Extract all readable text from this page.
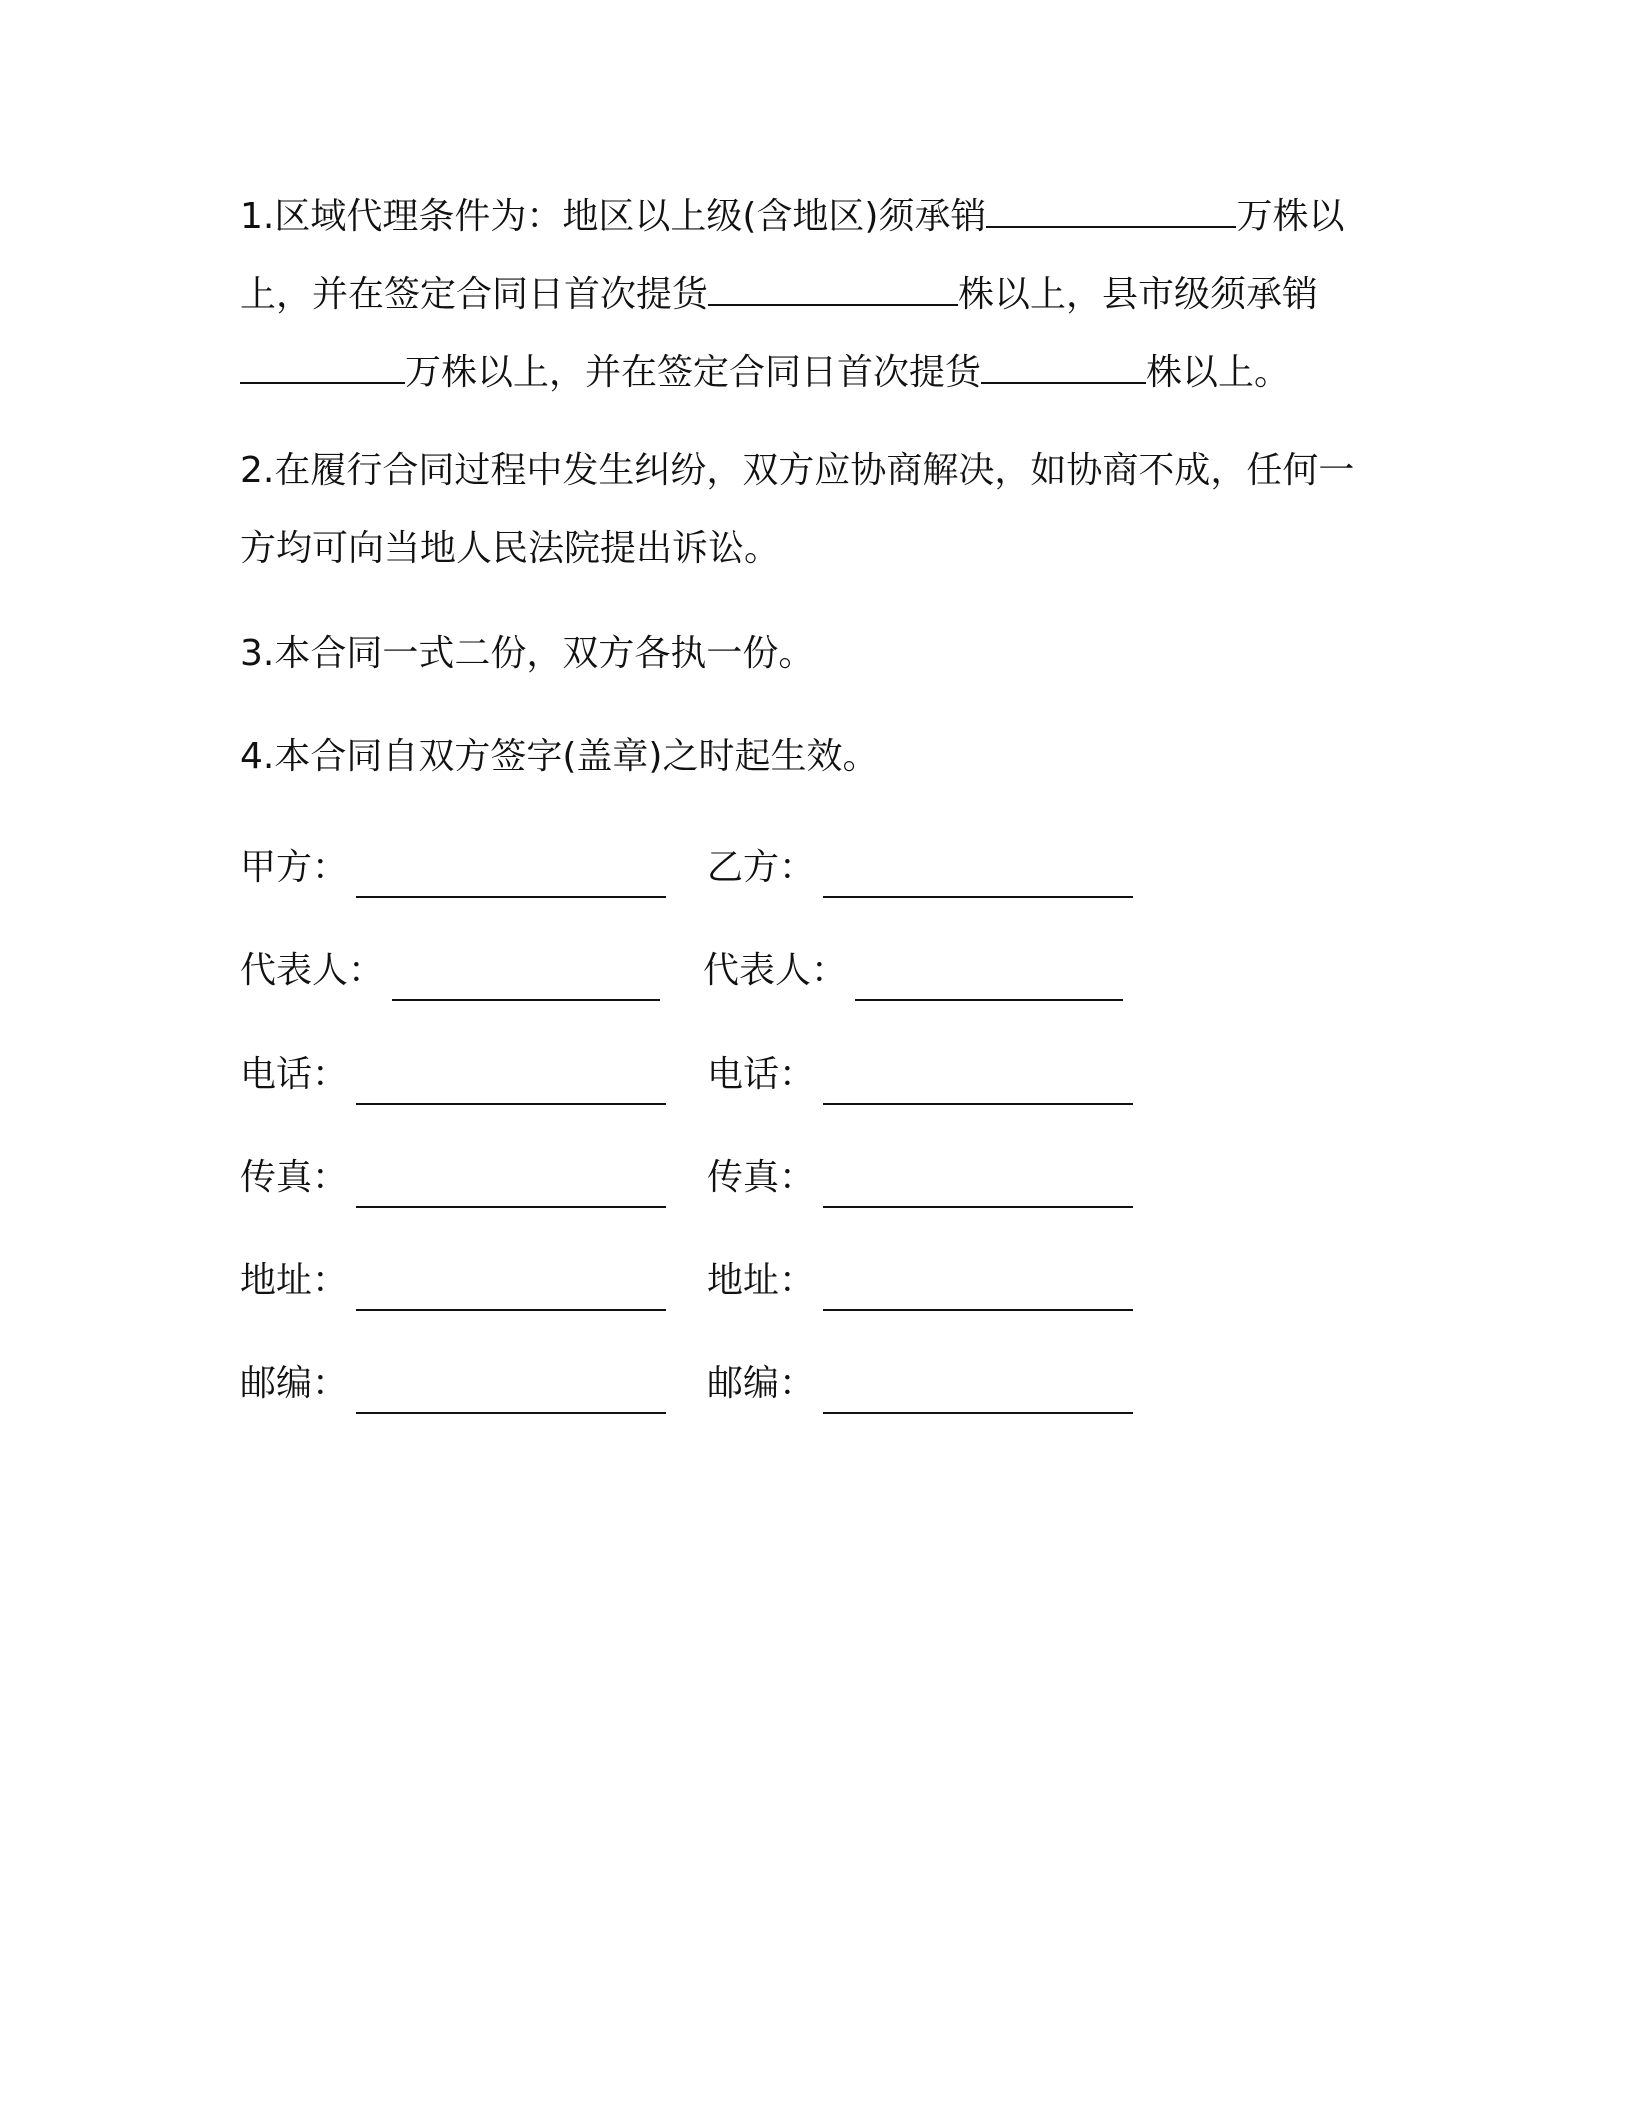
1.区域代理条件为：地区以上级(含地区)须承销	万株以上，并在签定合同日首次提货	株以上，县市级须承销万株以上，并在签定合同日首次提货	株以上。

2.在履行合同过程中发生纠纷，双方应协商解决，如协商不成，任何一方均可向当地人民法院提出诉讼。

3.本合同一式二份，双方各执一份。

4.本合同自双方签字(盖章)之时起生效。

甲方：	乙方：
代表人：	代表人：
电话：	电话：
传真：	传真：
地址：	地址：
邮编：	邮编：
